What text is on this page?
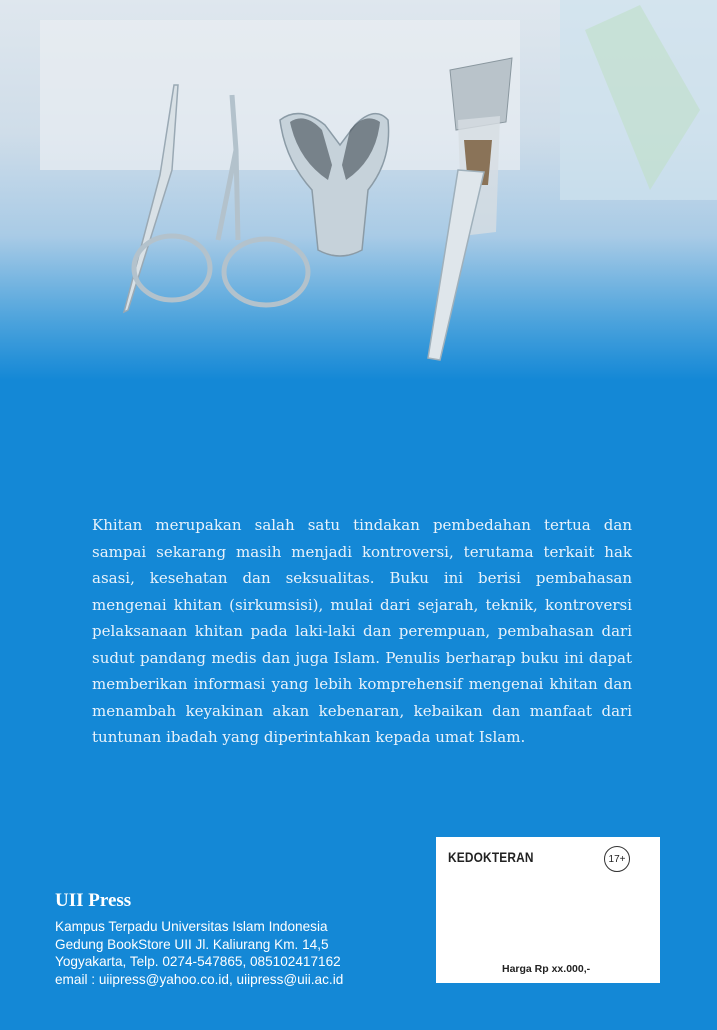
Khitan merupakan salah satu tindakan pembedahan tertua dan sampai sekarang masih menjadi kontroversi, terutama terkait hak asasi, kesehatan dan seksualitas. Buku ini berisi pembahasan mengenai khitan (sirkumsisi), mulai dari sejarah, teknik, kontroversi pelaksanaan khitan pada laki-laki dan perempuan, pembahasan dari sudut pandang medis dan juga Islam. Penulis berharap buku ini dapat memberikan informasi yang lebih komprehensif mengenai khitan dan menambah keyakinan akan kebenaran, kebaikan dan manfaat dari tuntunan ibadah yang diperintahkan kepada umat Islam.

UII Press
Kampus Terpadu Universitas Islam Indonesia
Gedung BookStore UII Jl. Kaliurang Km. 14,5
Yogyakarta, Telp. 0274-547865, 085102417162
email : uiipress@yahoo.co.id, uiipress@uii.ac.id
KEDOKTERAN	17+
Harga Rp xx.000,-
